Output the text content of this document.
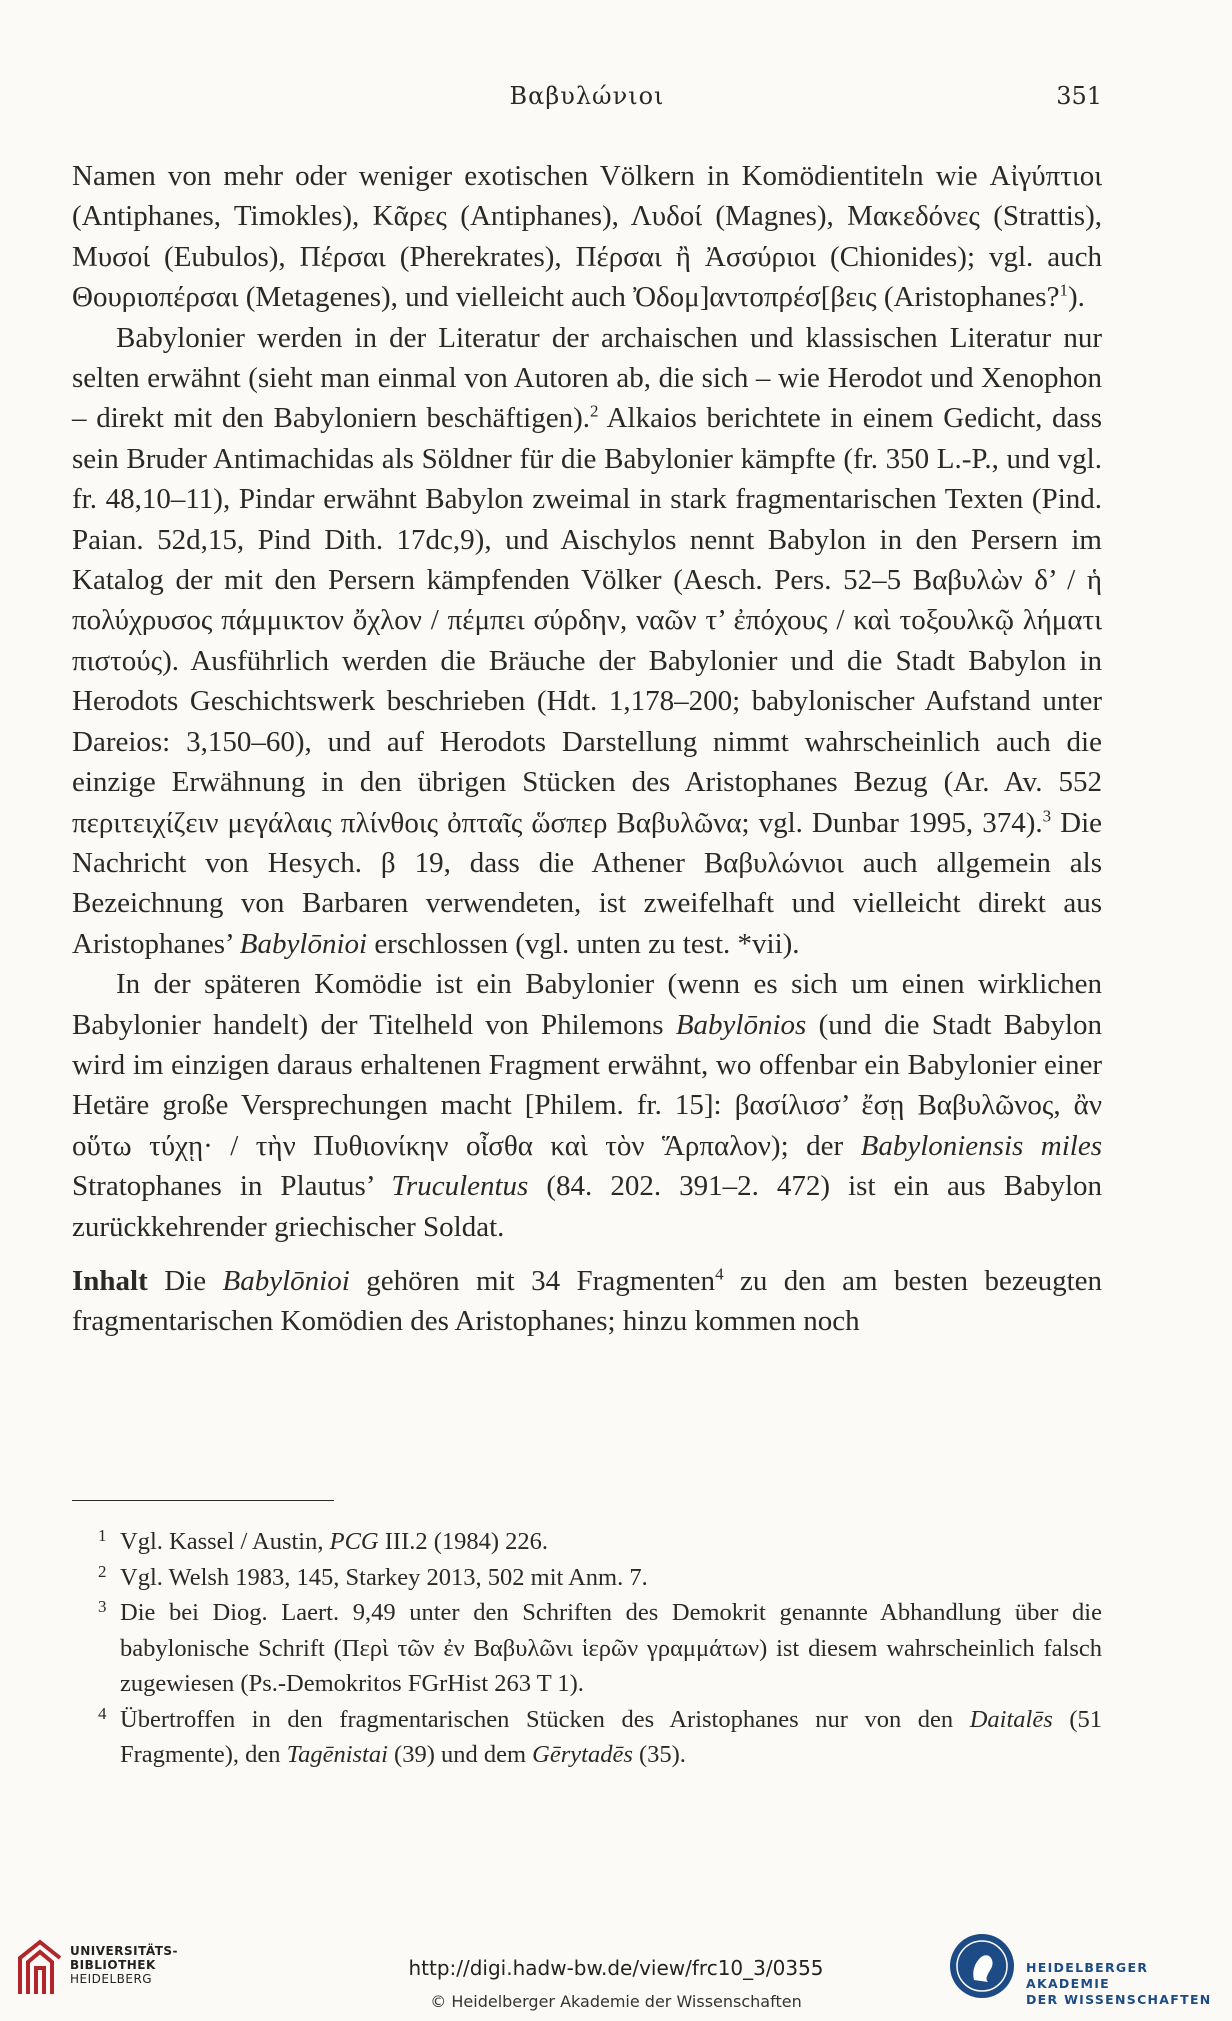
Βαβυλώνιοι	351

Namen von mehr oder weniger exotischen Völkern in Komödientiteln wie Αἰγύπτιοι (Antiphanes, Timokles), Κᾶρες (Antiphanes), Λυδοί (Magnes), Μακεδόνες (Strattis), Μυσοί (Eubulos), Πέρσαι (Pherekrates), Πέρσαι ἢ Ἀσσύριοι (Chionides); vgl. auch Θουριοπέρσαι (Metagenes), und vielleicht auch Ὀδομ]αντοπρέσ[βεις (Aristophanes?$^1$).

Babylonier werden in der Literatur der archaischen und klassischen Literatur nur selten erwähnt (sieht man einmal von Autoren ab, die sich – wie Herodot und Xenophon – direkt mit den Babyloniern beschäftigen).$^2$ Alkaios berichtete in einem Gedicht, dass sein Bruder Antimachidas als Söldner für die Babylonier kämpfte (fr. 350 L.-P., und vgl. fr. 48,10–11), Pindar erwähnt Babylon zweimal in stark fragmentarischen Texten (Pind. Paian. 52d,15, Pind Dith. 17dc,9), und Aischylos nennt Babylon in den Persern im Katalog der mit den Persern kämpfenden Völker (Aesch. Pers. 52–5 Βαβυλὼν δ’ / ἡ πολύχρυσος πάμμικτον ὄχλον / πέμπει σύρδην, ναῶν τ’ ἐπόχους / καὶ τοξουλκῷ λήματι πιστούς). Ausführlich werden die Bräuche der Babylonier und die Stadt Babylon in Herodots Geschichtswerk beschrieben (Hdt. 1,178–200; babylonischer Aufstand unter Dareios: 3,150–60), und auf Herodots Darstellung nimmt wahrscheinlich auch die einzige Erwähnung in den übrigen Stücken des Aristophanes Bezug (Ar. Av. 552 περιτειχίζειν μεγάλαις πλίνθοις ὀπταῖς ὥσπερ Βαβυλῶνα; vgl. Dunbar 1995, 374).$^3$ Die Nachricht von Hesych. β 19, dass die Athener Βαβυλώνιοι auch allgemein als Bezeichnung von Barbaren verwendeten, ist zweifelhaft und vielleicht direkt aus Aristophanes’ Babylōnioi erschlossen (vgl. unten zu test. *vii).

In der späteren Komödie ist ein Babylonier (wenn es sich um einen wirklichen Babylonier handelt) der Titelheld von Philemons Babylōnios (und die Stadt Babylon wird im einzigen daraus erhaltenen Fragment erwähnt, wo offenbar ein Babylonier einer Hetäre große Versprechungen macht [Philem. fr. 15]: βασίλισσ’ ἔσῃ Βαβυλῶνος, ἂν οὕτω τύχῃ· / τὴν Πυθιονίκην οἶσθα καὶ τὸν Ἅρπαλον); der Babyloniensis miles Stratophanes in Plautus’ Truculentus (84. 202. 391–2. 472) ist ein aus Babylon zurückkehrender griechischer Soldat.

Inhalt Die Babylōnioi gehören mit 34 Fragmenten$^4$ zu den am besten bezeugten fragmentarischen Komödien des Aristophanes; hinzu kommen noch

1 Vgl. Kassel / Austin, PCG III.2 (1984) 226.

2 Vgl. Welsh 1983, 145, Starkey 2013, 502 mit Anm. 7.

3 Die bei Diog. Laert. 9,49 unter den Schriften des Demokrit genannte Abhandlung über die babylonische Schrift (Περὶ τῶν ἐν Βαβυλῶνι ἱερῶν γραμμάτων) ist diesem wahrscheinlich falsch zugewiesen (Ps.-Demokritos FGrHist 263 T 1).

4 Übertroffen in den fragmentarischen Stücken des Aristophanes nur von den Daitalēs (51 Fragmente), den Tagēnistai (39) und dem Gērytadēs (35).

UNIVERSITÄTS-
BIBLIOTHEK
HEIDELBERG	http://digi.hadw-bw.de/view/frc10_3/0355
© Heidelberger Akademie der Wissenschaften
HEIDELBERGER AKADEMIE
DER WISSENSCHAFTEN
